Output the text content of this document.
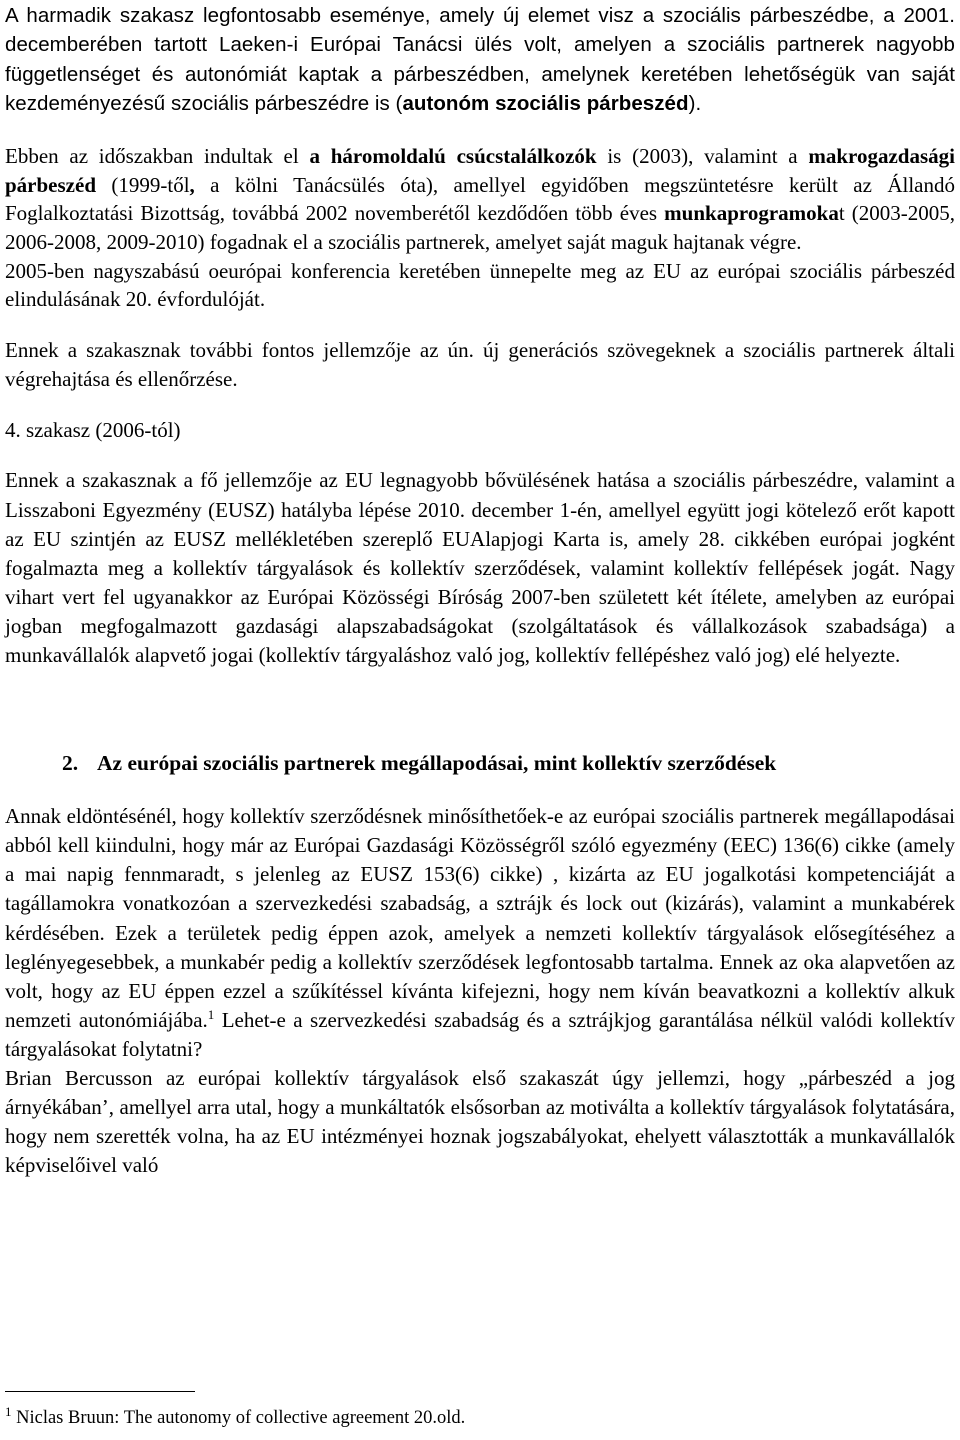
A harmadik szakasz legfontosabb eseménye, amely új elemet visz a szociális párbeszédbe, a 2001. decemberében tartott Laeken-i Európai Tanácsi ülés volt, amelyen a szociális partnerek nagyobb függetlenséget és autonómiát kaptak a párbeszédben, amelynek keretében lehetőségük van saját kezdeményezésű szociális párbeszédre is (autonóm szociális párbeszéd).

Ebben az időszakban indultak el a háromoldalú csúcstalálkozók is (2003), valamint a makrogazdasági párbeszéd (1999-től, a kölni Tanácsülés óta), amellyel egyidőben megszüntetésre került az Állandó Foglalkoztatási Bizottság, továbbá 2002 novemberétől kezdődően több éves munkaprogramokat (2003-2005, 2006-2008, 2009-2010) fogadnak el a szociális partnerek, amelyet saját maguk hajtanak végre.

2005-ben nagyszabású oeurópai konferencia keretében ünnepelte meg az EU az európai szociális párbeszéd elindulásának 20. évfordulóját.

Ennek a szakasznak további fontos jellemzője az ún. új generációs szövegeknek a szociális partnerek általi végrehajtása és ellenőrzése.

4. szakasz (2006-tól)

Ennek a szakasznak a fő jellemzője az EU legnagyobb bővülésének hatása a szociális párbeszédre, valamint a Lisszaboni Egyezmény (EUSZ) hatályba lépése 2010. december 1-én, amellyel együtt jogi kötelező erőt kapott az EU szintjén az EUSZ mellékletében szereplő EUAlapjogi Karta is, amely 28. cikkében európai jogként fogalmazta meg a kollektív tárgyalások és kollektív szerződések, valamint kollektív fellépések jogát. Nagy vihart vert fel ugyanakkor az Európai Közösségi Bíróság 2007-ben született két ítélete, amelyben az európai jogban megfogalmazott gazdasági alapszabadságokat (szolgáltatások és vállalkozások szabadsága) a munkavállalók alapvető jogai (kollektív tárgyaláshoz való jog, kollektív fellépéshez való jog) elé helyezte.

2. Az európai szociális partnerek megállapodásai, mint kollektív szerződések

Annak eldöntésénél, hogy kollektív szerződésnek minősíthetőek-e az európai szociális partnerek megállapodásai abból kell kiindulni, hogy már az Európai Gazdasági Közösségről szóló egyezmény (EEC) 136(6) cikke (amely a mai napig fennmaradt, s jelenleg az EUSZ 153(6) cikke) , kizárta az EU jogalkotási kompetenciáját a tagállamokra vonatkozóan a szervezkedési szabadság, a sztrájk és lock out (kizárás), valamint a munkabérek kérdésében. Ezek a területek pedig éppen azok, amelyek a nemzeti kollektív tárgyalások elősegítéséhez a leglényegesebbek, a munkabér pedig a kollektív szerződések legfontosabb tartalma. Ennek az oka alapvetően az volt, hogy az EU éppen ezzel a szűkítéssel kívánta kifejezni, hogy nem kíván beavatkozni a kollektív alkuk nemzeti autonómiájába.$^1$ Lehet-e a szervezkedési szabadság és a sztrájkjog garantálása nélkül valódi kollektív tárgyalásokat folytatni?

Brian Bercusson az európai kollektív tárgyalások első szakaszát úgy jellemzi, hogy „párbeszéd a jog árnyékában’, amellyel arra utal, hogy a munkáltatók elsősorban az motiválta a kollektív tárgyalások folytatására, hogy nem szerették volna, ha az EU intézményei hoznak jogszabályokat, ehelyett választották a munkavállalók képviselőivel való

$^1$ Niclas Bruun: The autonomy of collective agreement 20.old.
